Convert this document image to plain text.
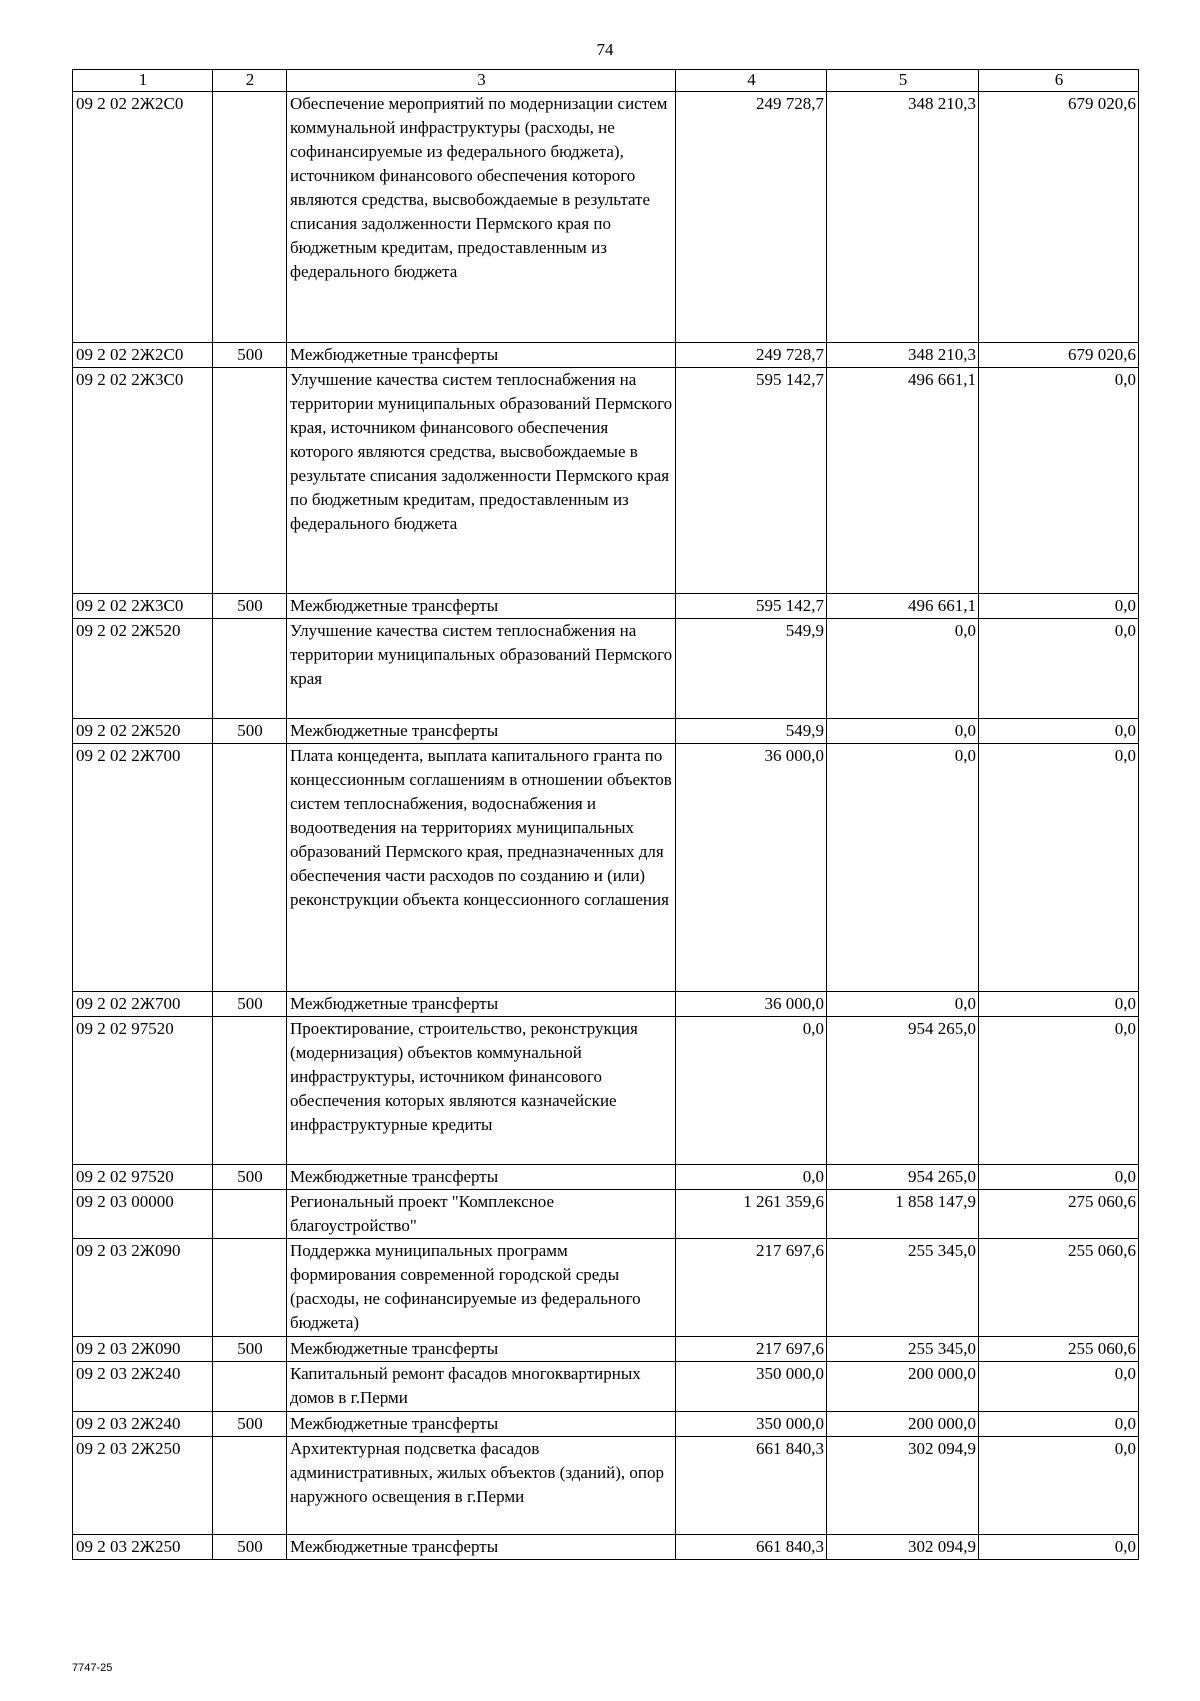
74
1	2	3	4	5	6
09 2 02 2Ж2С0		Обеспечение мероприятий по модернизации систем коммунальной инфраструктуры (расходы, не софинансируемые из федерального бюджета), источником финансового обеспечения которого являются средства, высвобождаемые в результате списания задолженности Пермского края по бюджетным кредитам, предоставленным из федерального бюджета	249 728,7	348 210,3	679 020,6
09 2 02 2Ж2С0	500	Межбюджетные трансферты	249 728,7	348 210,3	679 020,6
09 2 02 2Ж3С0		Улучшение качества систем теплоснабжения на территории муниципальных образований Пермского края, источником финансового обеспечения которого являются средства, высвобождаемые в результате списания задолженности Пермского края по бюджетным кредитам, предоставленным из федерального бюджета	595 142,7	496 661,1	0,0
09 2 02 2Ж3С0	500	Межбюджетные трансферты	595 142,7	496 661,1	0,0
09 2 02 2Ж520		Улучшение качества систем теплоснабжения на территории муниципальных образований Пермского края	549,9	0,0	0,0
09 2 02 2Ж520	500	Межбюджетные трансферты	549,9	0,0	0,0
09 2 02 2Ж700		Плата концедента, выплата капитального гранта по концессионным соглашениям в отношении объектов систем теплоснабжения, водоснабжения и водоотведения на территориях муниципальных образований Пермского края, предназначенных для обеспечения части расходов по созданию и (или) реконструкции объекта концессионного соглашения	36 000,0	0,0	0,0
09 2 02 2Ж700	500	Межбюджетные трансферты	36 000,0	0,0	0,0
09 2 02 97520		Проектирование, строительство, реконструкция (модернизация) объектов коммунальной инфраструктуры, источником финансового обеспечения которых являются казначейские инфраструктурные кредиты	0,0	954 265,0	0,0
09 2 02 97520	500	Межбюджетные трансферты	0,0	954 265,0	0,0
09 2 03 00000		Региональный проект "Комплексное благоустройство"	1 261 359,6	1 858 147,9	275 060,6
09 2 03 2Ж090		Поддержка муниципальных программ формирования современной городской среды (расходы, не софинансируемые из федерального бюджета)	217 697,6	255 345,0	255 060,6
09 2 03 2Ж090	500	Межбюджетные трансферты	217 697,6	255 345,0	255 060,6
09 2 03 2Ж240		Капитальный ремонт фасадов многоквартирных домов в г.Перми	350 000,0	200 000,0	0,0
09 2 03 2Ж240	500	Межбюджетные трансферты	350 000,0	200 000,0	0,0
09 2 03 2Ж250		Архитектурная подсветка фасадов административных, жилых объектов (зданий), опор наружного освещения в г.Перми	661 840,3	302 094,9	0,0
09 2 03 2Ж250	500	Межбюджетные трансферты	661 840,3	302 094,9	0,0
7747-25
